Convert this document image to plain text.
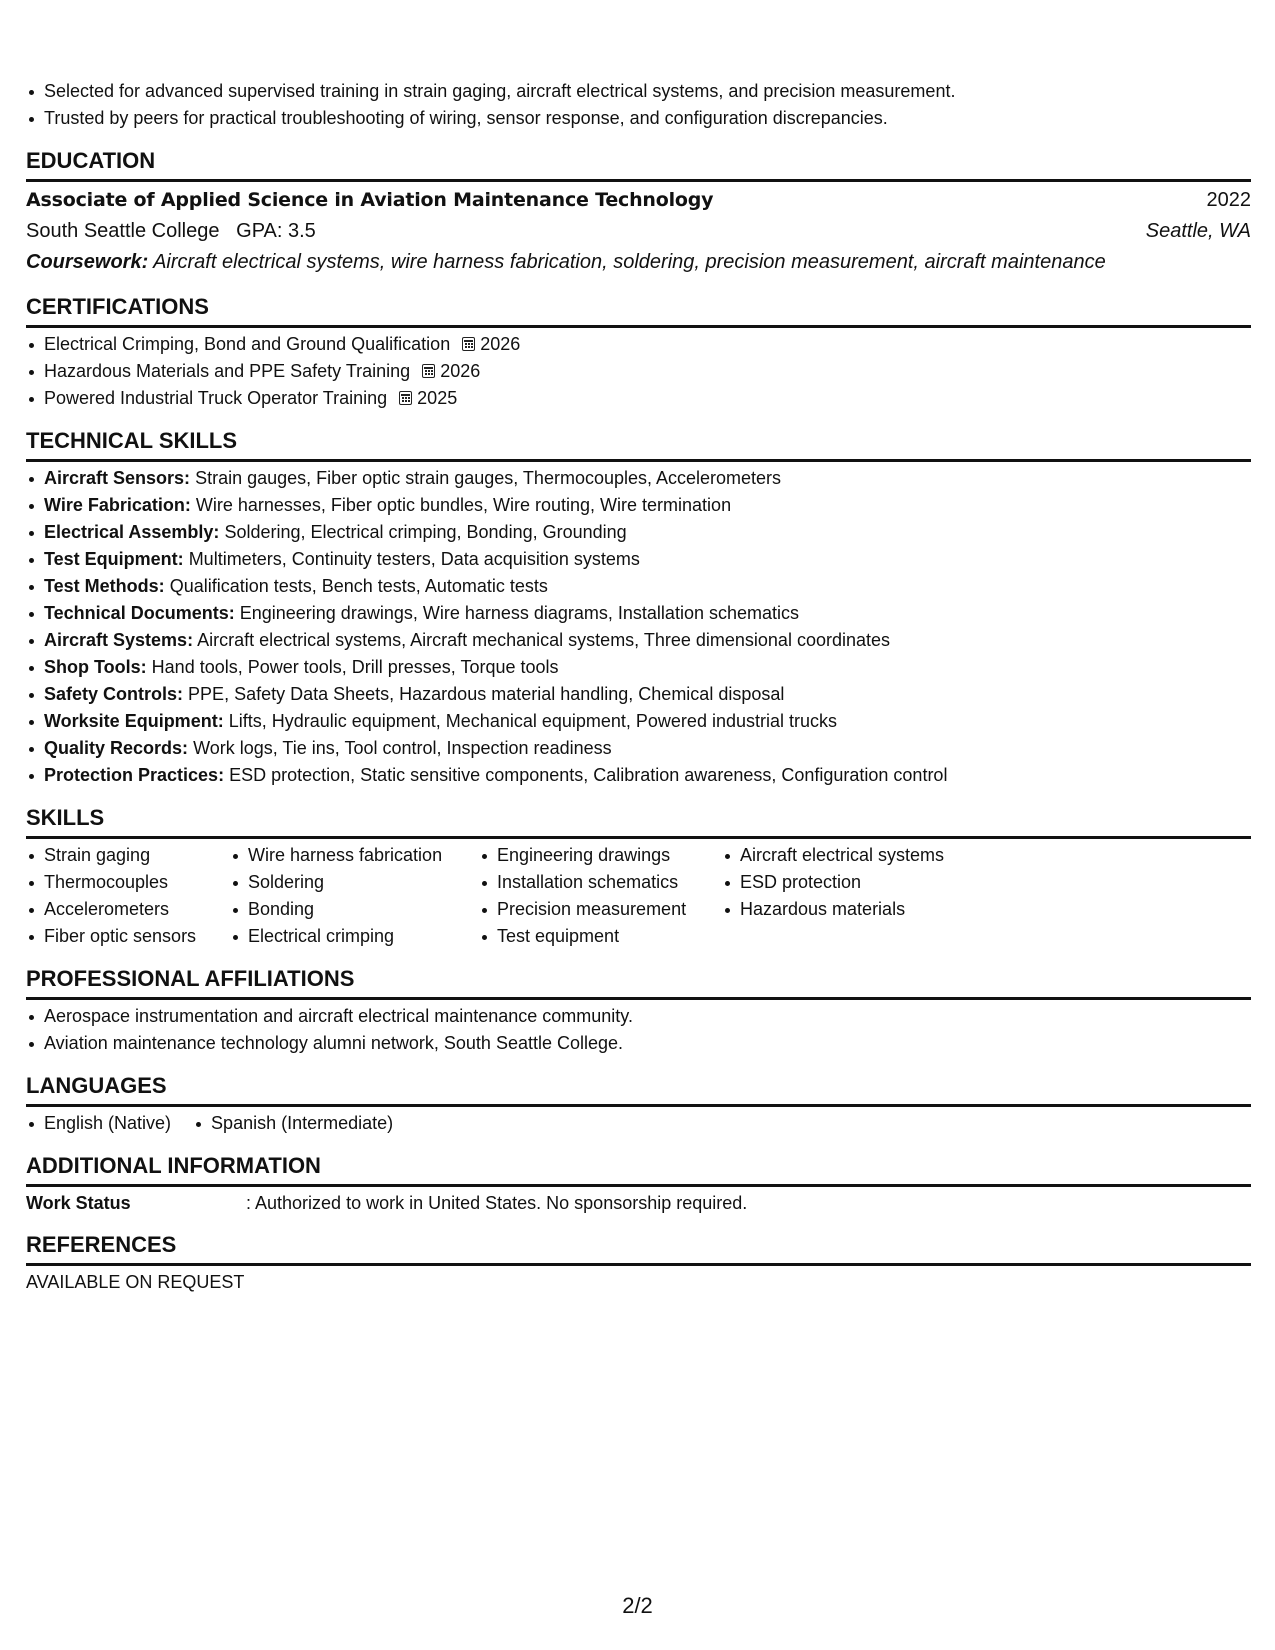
Selected for advanced supervised training in strain gaging, aircraft electrical systems, and precision measurement.
Trusted by peers for practical troubleshooting of wiring, sensor response, and configuration discrepancies.
EDUCATION
Associate of Applied Science in Aviation Maintenance Technology	2022
South Seattle College GPA: 3.5	Seattle, WA
Coursework: Aircraft electrical systems, wire harness fabrication, soldering, precision measurement, aircraft maintenance
CERTIFICATIONS
Electrical Crimping, Bond and Ground Qualification 2026
Hazardous Materials and PPE Safety Training 2026
Powered Industrial Truck Operator Training 2025
TECHNICAL SKILLS
Aircraft Sensors: Strain gauges, Fiber optic strain gauges, Thermocouples, Accelerometers
Wire Fabrication: Wire harnesses, Fiber optic bundles, Wire routing, Wire termination
Electrical Assembly: Soldering, Electrical crimping, Bonding, Grounding
Test Equipment: Multimeters, Continuity testers, Data acquisition systems
Test Methods: Qualification tests, Bench tests, Automatic tests
Technical Documents: Engineering drawings, Wire harness diagrams, Installation schematics
Aircraft Systems: Aircraft electrical systems, Aircraft mechanical systems, Three dimensional coordinates
Shop Tools: Hand tools, Power tools, Drill presses, Torque tools
Safety Controls: PPE, Safety Data Sheets, Hazardous material handling, Chemical disposal
Worksite Equipment: Lifts, Hydraulic equipment, Mechanical equipment, Powered industrial trucks
Quality Records: Work logs, Tie ins, Tool control, Inspection readiness
Protection Practices: ESD protection, Static sensitive components, Calibration awareness, Configuration control
SKILLS
Strain gaging
Thermocouples
Accelerometers
Fiber optic sensors
Wire harness fabrication
Soldering
Bonding
Electrical crimping
Engineering drawings
Installation schematics
Precision measurement
Test equipment
Aircraft electrical systems
ESD protection
Hazardous materials
PROFESSIONAL AFFILIATIONS
Aerospace instrumentation and aircraft electrical maintenance community.
Aviation maintenance technology alumni network, South Seattle College.
LANGUAGES
English (Native)	Spanish (Intermediate)
ADDITIONAL INFORMATION
Work Status	: Authorized to work in United States. No sponsorship required.
REFERENCES
AVAILABLE ON REQUEST
2/2
